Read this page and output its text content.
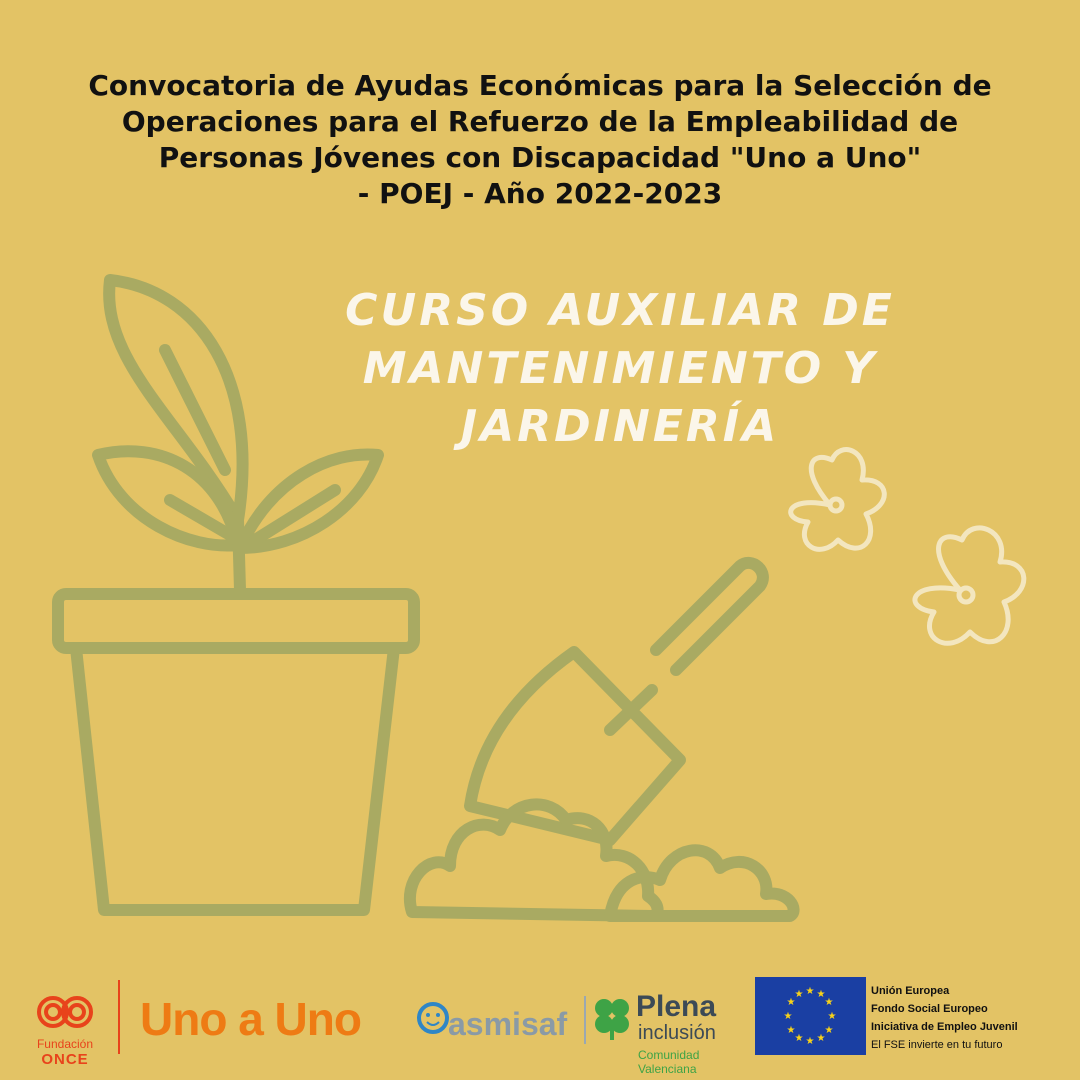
Convocatoria de Ayudas Económicas para la Selección de
Operaciones para el Refuerzo de la Empleabilidad de
Personas Jóvenes con Discapacidad "Uno a Uno"
- POEJ - Año 2022-2023
CURSO AUXILIAR DE
MANTENIMIENTO Y JARDINERÍA
Fundación
ONCE
Uno a Uno	asmisaf Plena
inclusión
Comunidad Valenciana
★ ★
★
★
★
★
★
★
★
★
★
★	Unión Europea
Fondo Social Europeo
Iniciativa de Empleo Juvenil
El FSE invierte en tu futuro
